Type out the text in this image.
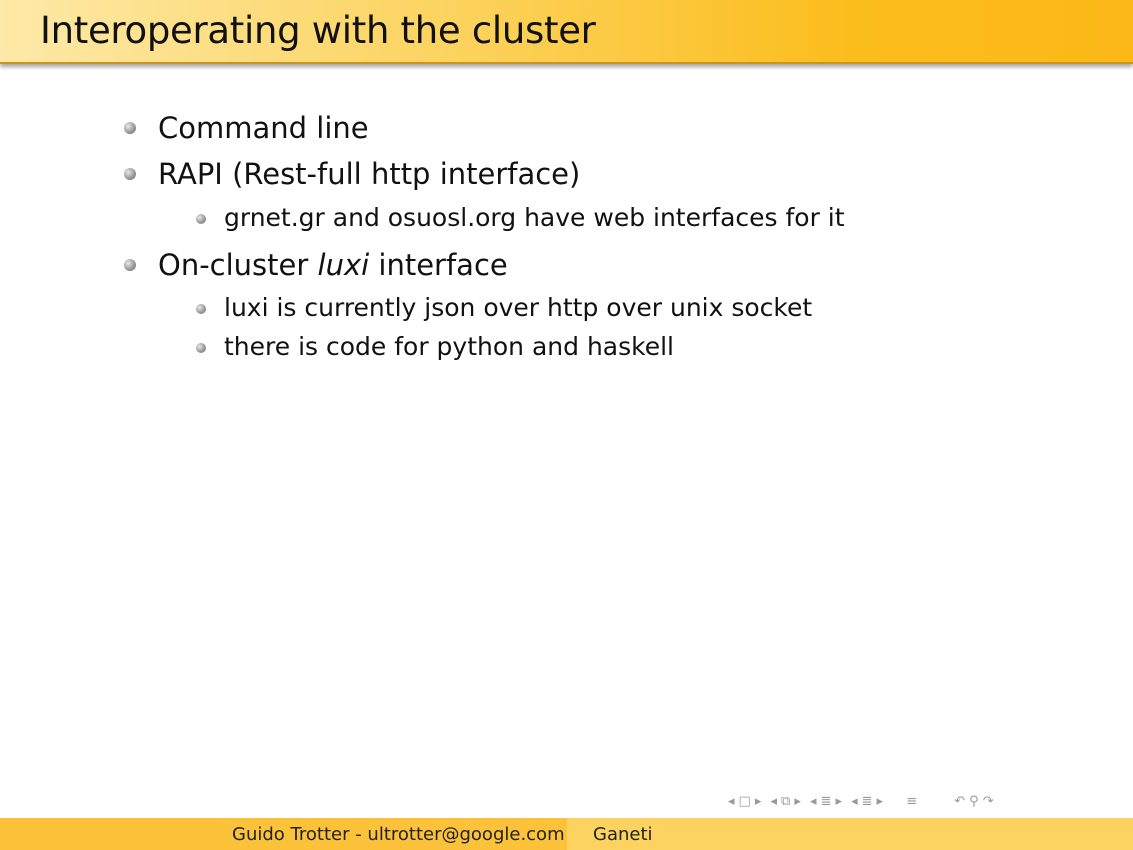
Interoperating with the cluster
Command line
RAPI (Rest-full http interface)
grnet.gr and osuosl.org have web interfaces for it
On-cluster luxi interface
luxi is currently json over http over unix socket
there is code for python and haskell
◂ □ ▸ ◂ ⧉ ▸ ◂ ≣ ▸ ◂ ≣ ▸ ≡	↶ ⚲ ↷
Guido Trotter - ultrotter@google.com Ganeti
